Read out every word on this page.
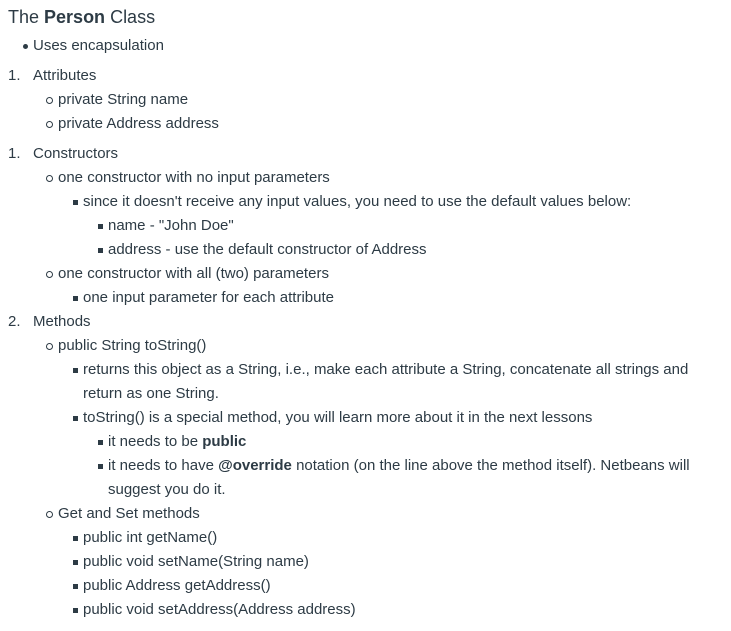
The Person Class
Uses encapsulation
1. Attributes
private String name
private Address address
1. Constructors
one constructor with no input parameters
since it doesn't receive any input values, you need to use the default values below:
name - "John Doe"
address - use the default constructor of Address
one constructor with all (two) parameters
one input parameter for each attribute
2. Methods
public String toString()
returns this object as a String, i.e., make each attribute a String, concatenate all strings and return as one String.
toString() is a special method, you will learn more about it in the next lessons
it needs to be public
it needs to have @override notation (on the line above the method itself). Netbeans will suggest you do it.
Get and Set methods
public int getName()
public void setName(String name)
public Address getAddress()
public void setAddress(Address address)
